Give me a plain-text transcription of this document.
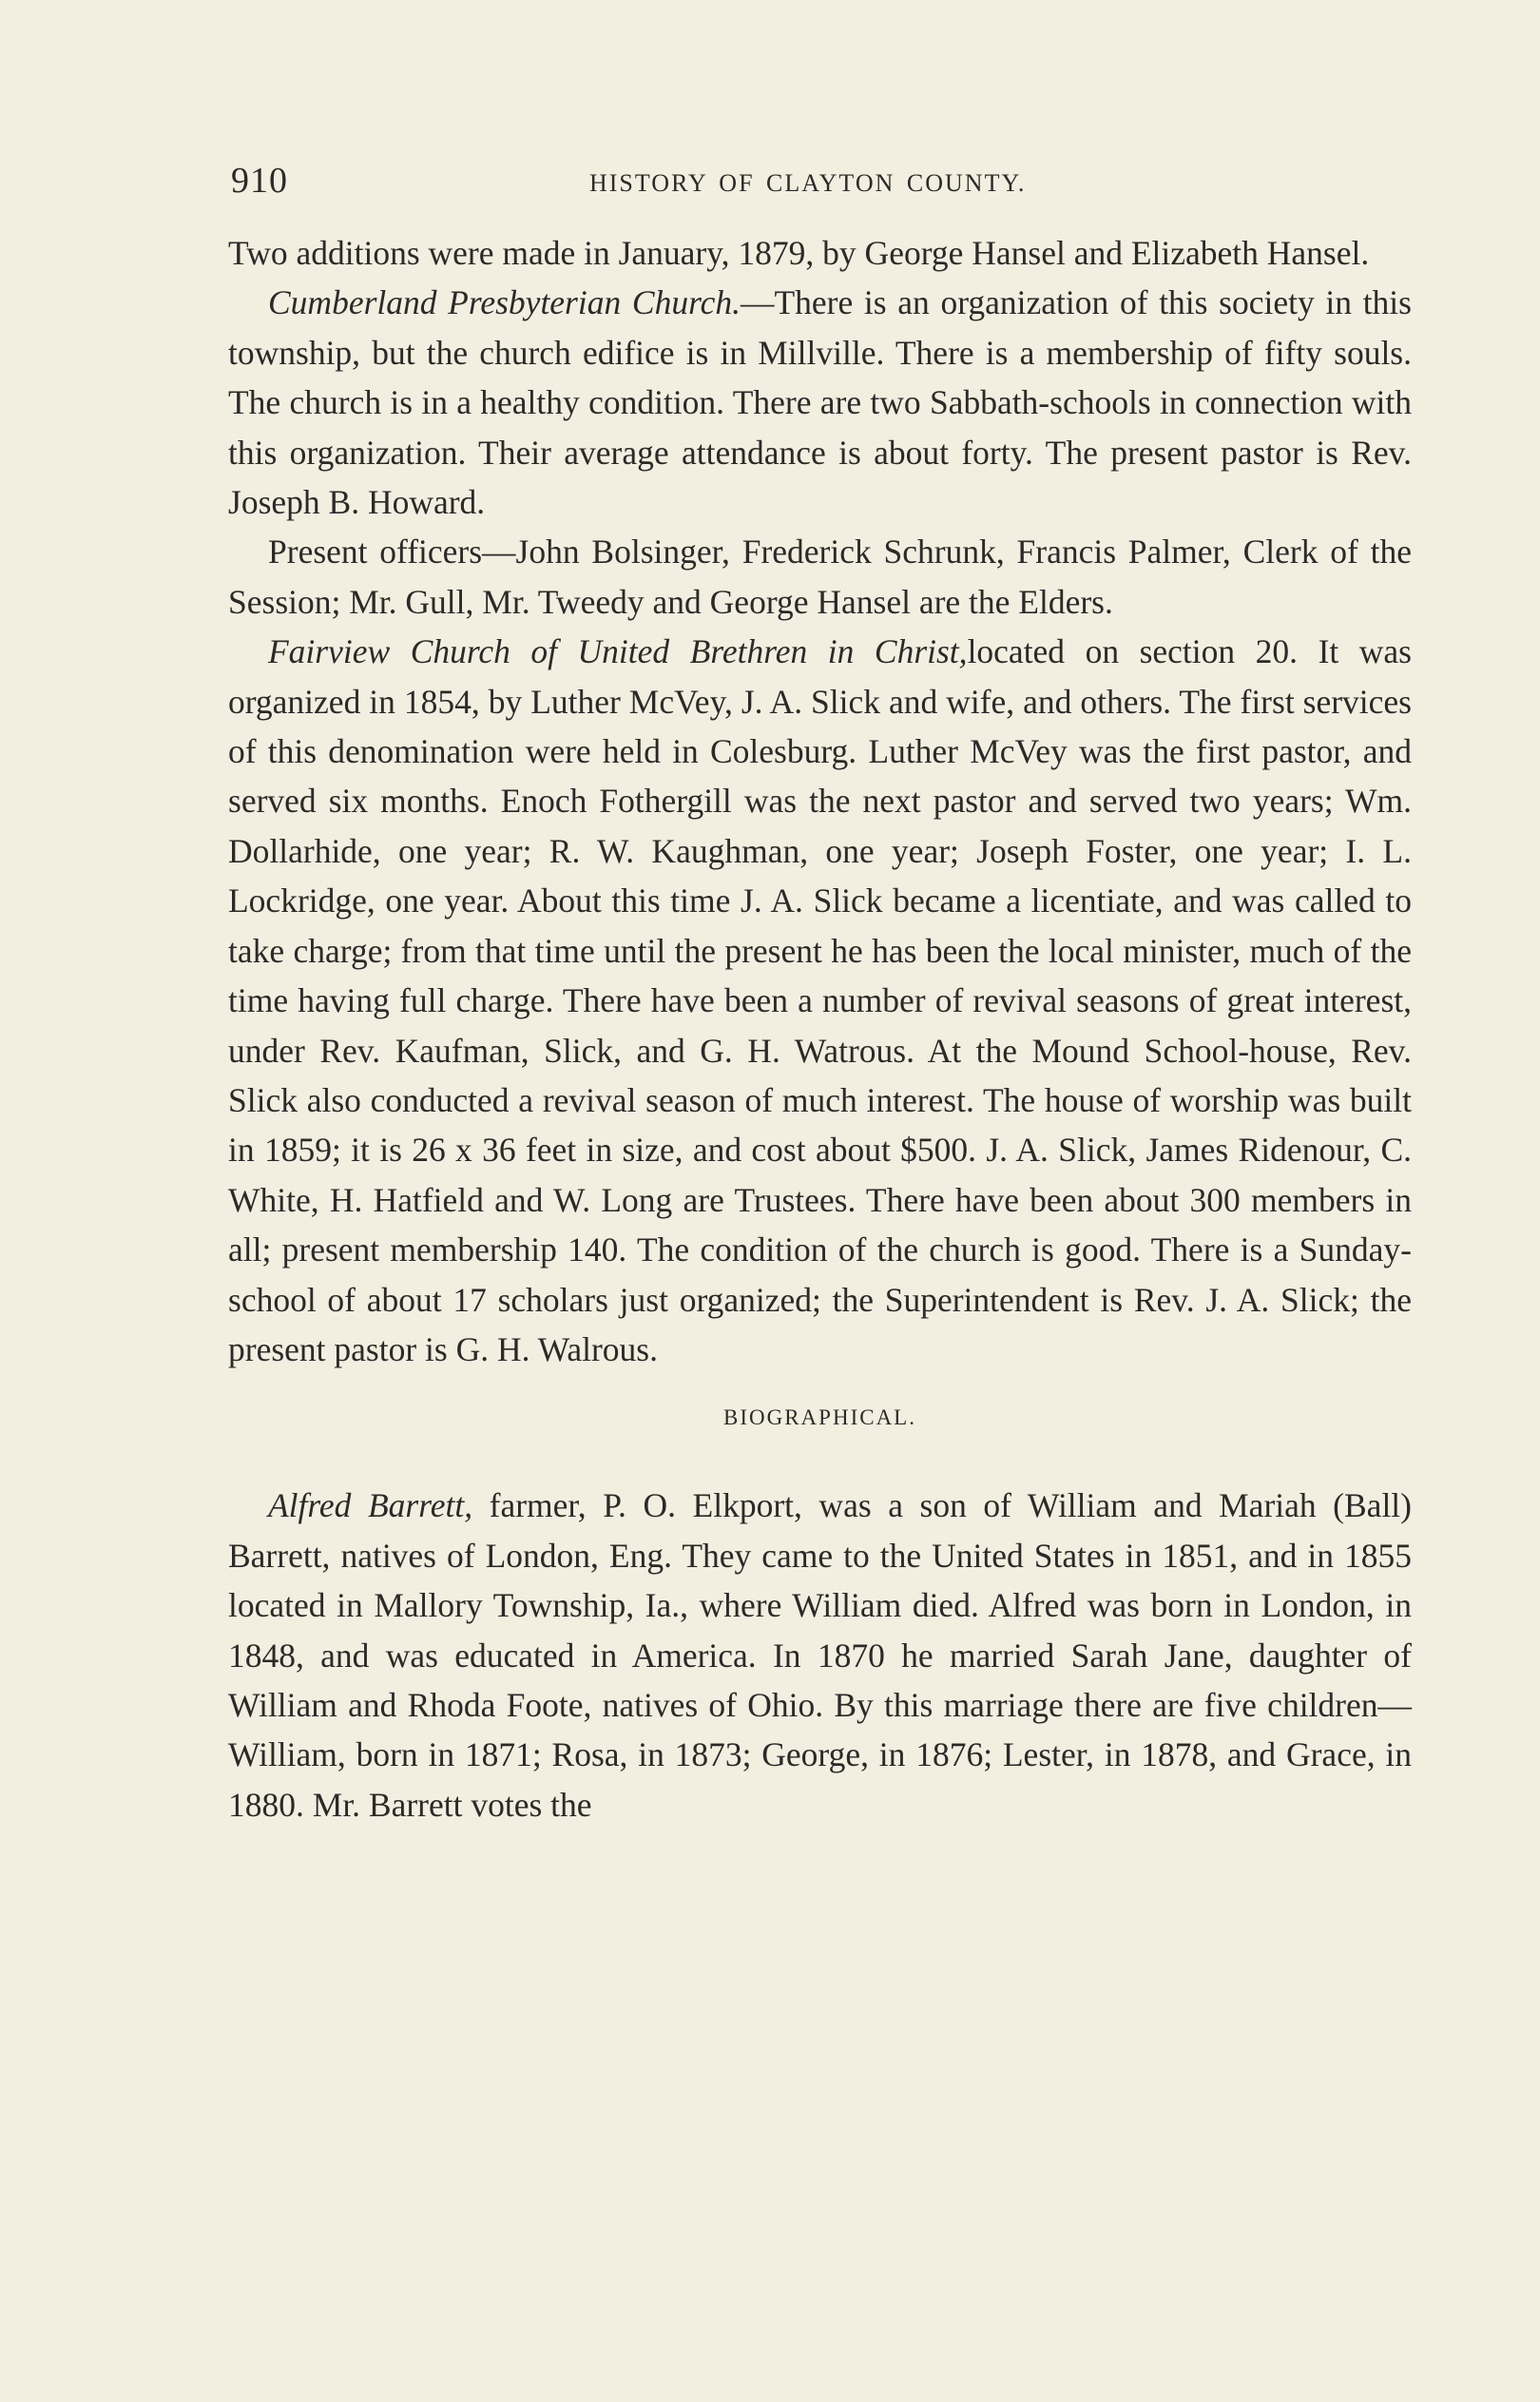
910	HISTORY OF CLAYTON COUNTY.

Two additions were made in January, 1879, by George Hansel and Elizabeth Hansel.

Cumberland Presbyterian Church.—There is an organization of this society in this township, but the church edifice is in Millville. There is a membership of fifty souls. The church is in a healthy condition. There are two Sabbath-schools in connection with this organization. Their average attendance is about forty. The present pastor is Rev. Joseph B. Howard.

Present officers—John Bolsinger, Frederick Schrunk, Francis Palmer, Clerk of the Session; Mr. Gull, Mr. Tweedy and George Hansel are the Elders.

Fairview Church of United Brethren in Christ,located on section 20. It was organized in 1854, by Luther McVey, J. A. Slick and wife, and others. The first services of this denomination were held in Colesburg. Luther McVey was the first pastor, and served six months. Enoch Fothergill was the next pastor and served two years; Wm. Dollarhide, one year; R. W. Kaughman, one year; Joseph Foster, one year; I. L. Lockridge, one year. About this time J. A. Slick became a licentiate, and was called to take charge; from that time until the present he has been the local minister, much of the time having full charge. There have been a number of revival seasons of great interest, under Rev. Kaufman, Slick, and G. H. Watrous. At the Mound School-house, Rev. Slick also conducted a revival season of much interest. The house of worship was built in 1859; it is 26 x 36 feet in size, and cost about $500. J. A. Slick, James Ridenour, C. White, H. Hatfield and W. Long are Trustees. There have been about 300 members in all; present membership 140. The condition of the church is good. There is a Sunday-school of about 17 scholars just organized; the Superintendent is Rev. J. A. Slick; the present pastor is G. H. Walrous.

BIOGRAPHICAL.

Alfred Barrett, farmer, P. O. Elkport, was a son of William and Mariah (Ball) Barrett, natives of London, Eng. They came to the United States in 1851, and in 1855 located in Mallory Township, Ia., where William died. Alfred was born in London, in 1848, and was educated in America. In 1870 he married Sarah Jane, daughter of William and Rhoda Foote, natives of Ohio. By this marriage there are five children—William, born in 1871; Rosa, in 1873; George, in 1876; Lester, in 1878, and Grace, in 1880. Mr. Barrett votes the
